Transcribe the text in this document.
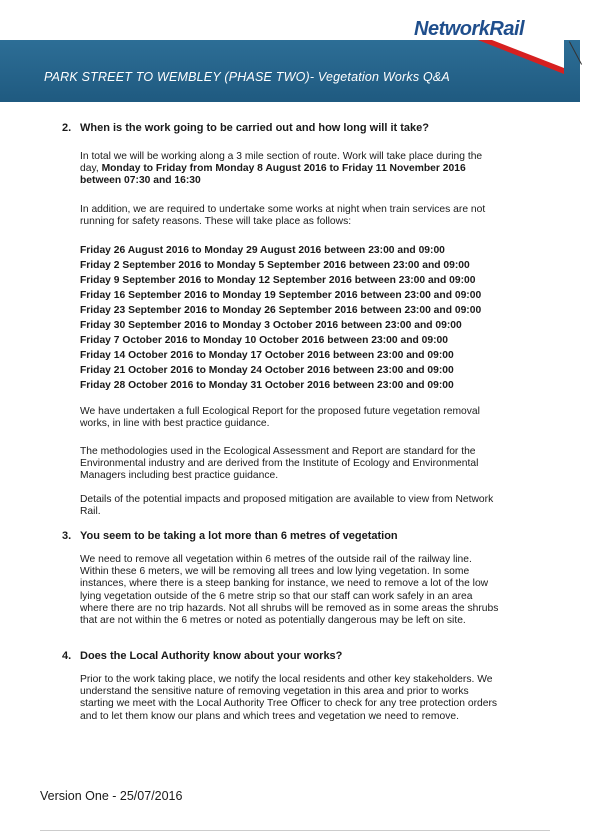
PARK STREET TO WEMBLEY (PHASE TWO)- Vegetation Works Q&A
NetworkRail
2. When is the work going to be carried out and how long will it take?
In total we will be working along a 3 mile section of route. Work will take place during the day, Monday to Friday from Monday 8 August 2016 to Friday 11 November 2016 between 07:30 and 16:30
In addition, we are required to undertake some works at night when train services are not running for safety reasons. These will take place as follows:
Friday 26 August 2016 to Monday 29 August 2016 between 23:00 and 09:00
Friday 2 September 2016 to Monday 5 September 2016 between 23:00 and 09:00
Friday 9 September 2016 to Monday 12 September 2016 between 23:00 and 09:00
Friday 16 September 2016 to Monday 19 September 2016 between 23:00 and 09:00
Friday 23 September 2016 to Monday 26 September 2016 between 23:00 and 09:00
Friday 30 September 2016 to Monday 3 October 2016 between 23:00 and 09:00
Friday 7 October 2016 to Monday 10 October 2016 between 23:00 and 09:00
Friday 14 October 2016 to Monday 17 October 2016 between 23:00 and 09:00
Friday 21 October 2016 to Monday 24 October 2016 between 23:00 and 09:00
Friday 28 October 2016 to Monday 31 October 2016 between 23:00 and 09:00
We have undertaken a full Ecological Report for the proposed future vegetation removal works, in line with best practice guidance.
The methodologies used in the Ecological Assessment and Report are standard for the Environmental industry and are derived from the Institute of Ecology and Environmental Managers including best practice guidance.
Details of the potential impacts and proposed mitigation are available to view from Network Rail.
3. You seem to be taking a lot more than 6 metres of vegetation
We need to remove all vegetation within 6 metres of the outside rail of the railway line. Within these 6 meters, we will be removing all trees and low lying vegetation. In some instances, where there is a steep banking for instance, we need to remove a lot of the low lying vegetation outside of the 6 metre strip so that our staff can work safely in an area where there are no trip hazards. Not all shrubs will be removed as in some areas the shrubs that are not within the 6 metres or noted as potentially dangerous may be left on site.
4. Does the Local Authority know about your works?
Prior to the work taking place, we notify the local residents and other key stakeholders. We understand the sensitive nature of removing vegetation in this area and prior to works starting we meet with the Local Authority Tree Officer to check for any tree protection orders and to let them know our plans and which trees and vegetation we need to remove.
Version One - 25/07/2016
